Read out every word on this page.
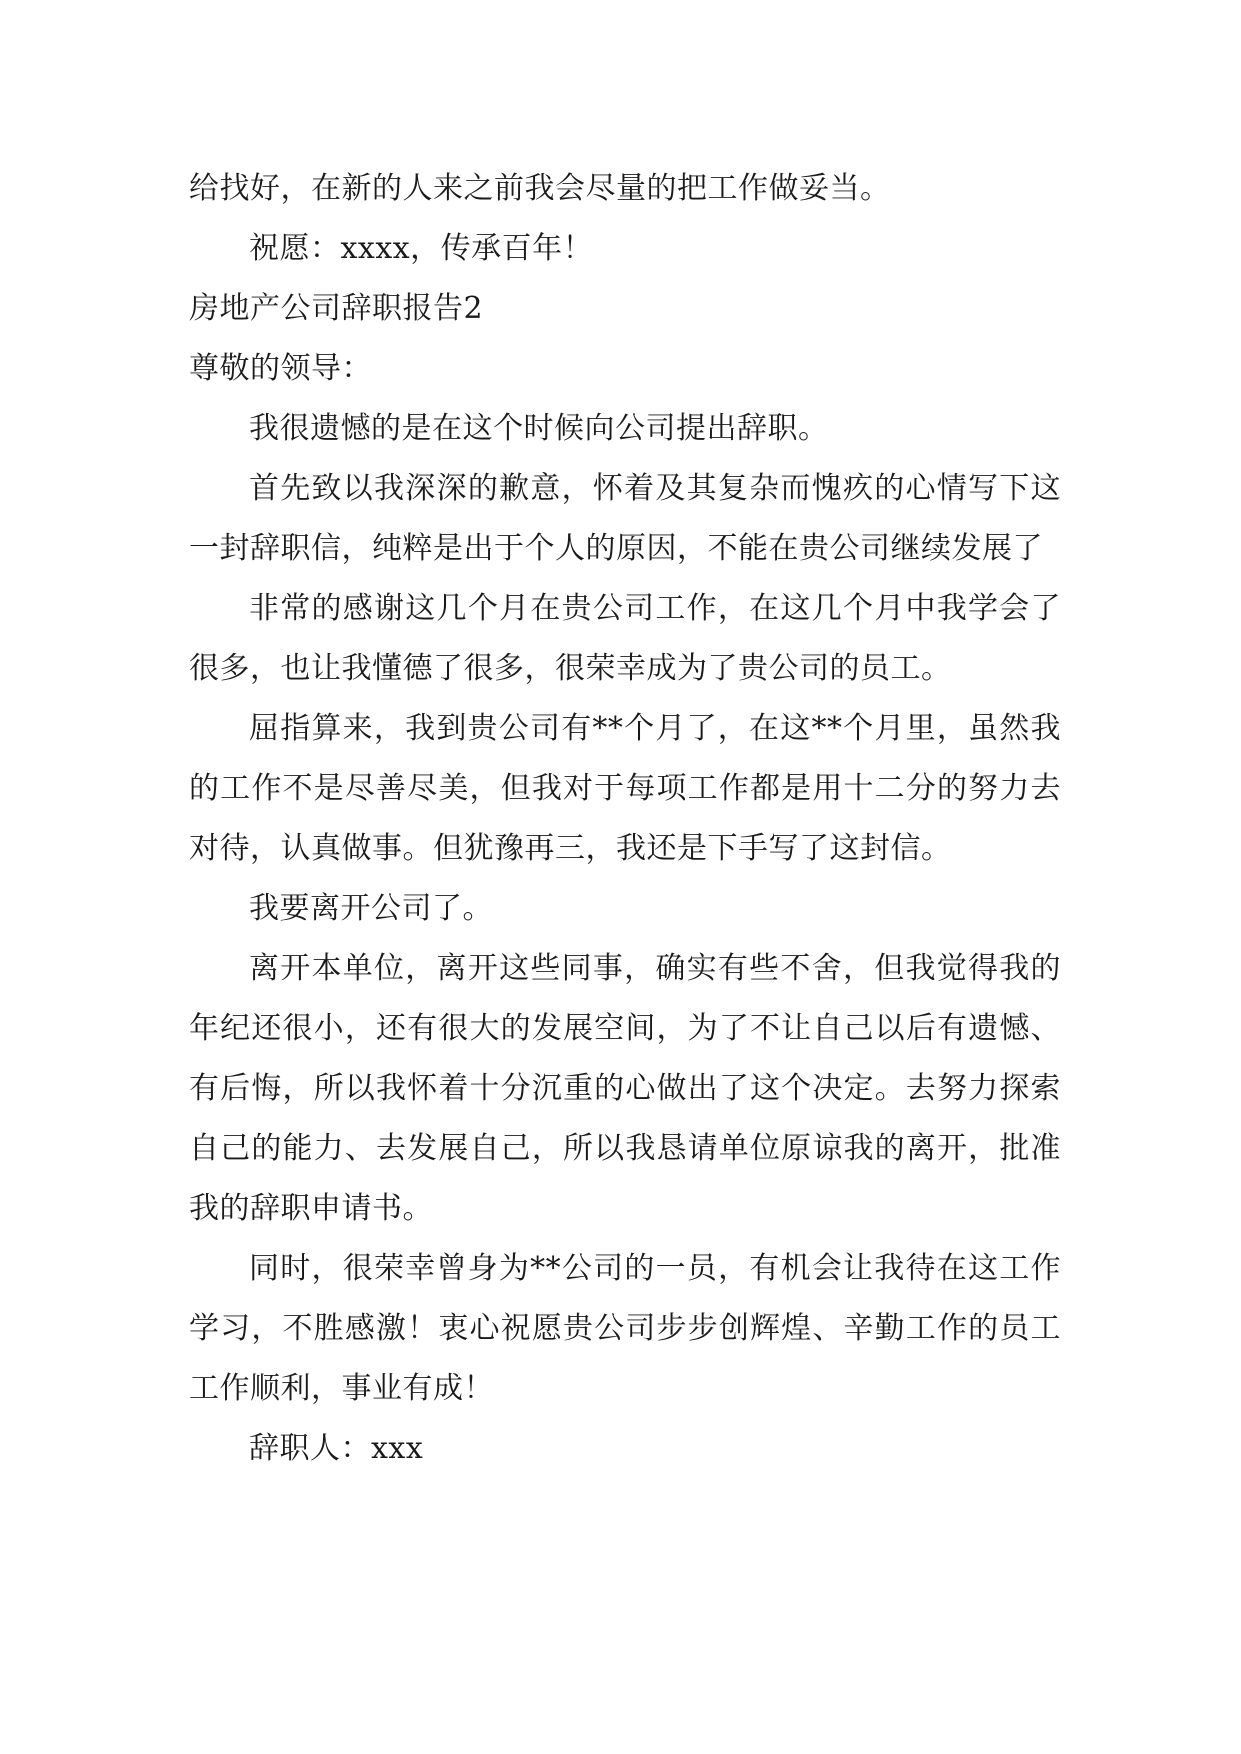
给找好，在新的人来之前我会尽量的把工作做妥当。

祝愿：xxxx，传承百年！

房地产公司辞职报告2

尊敬的领导：

我很遗憾的是在这个时候向公司提出辞职。

首先致以我深深的歉意，怀着及其复杂而愧疚的心情写下这一封辞职信，纯粹是出于个人的原因，不能在贵公司继续发展了

非常的感谢这几个月在贵公司工作，在这几个月中我学会了很多，也让我懂德了很多，很荣幸成为了贵公司的员工。

屈指算来，我到贵公司有**个月了，在这**个月里，虽然我的工作不是尽善尽美，但我对于每项工作都是用十二分的努力去对待，认真做事。但犹豫再三，我还是下手写了这封信。

我要离开公司了。

离开本单位，离开这些同事，确实有些不舍，但我觉得我的年纪还很小，还有很大的发展空间，为了不让自己以后有遗憾、有后悔，所以我怀着十分沉重的心做出了这个决定。去努力探索自己的能力、去发展自己，所以我恳请单位原谅我的离开，批准我的辞职申请书。

同时，很荣幸曾身为**公司的一员，有机会让我待在这工作学习，不胜感激！衷心祝愿贵公司步步创辉煌、辛勤工作的员工工作顺利，事业有成！

辞职人：xxx
